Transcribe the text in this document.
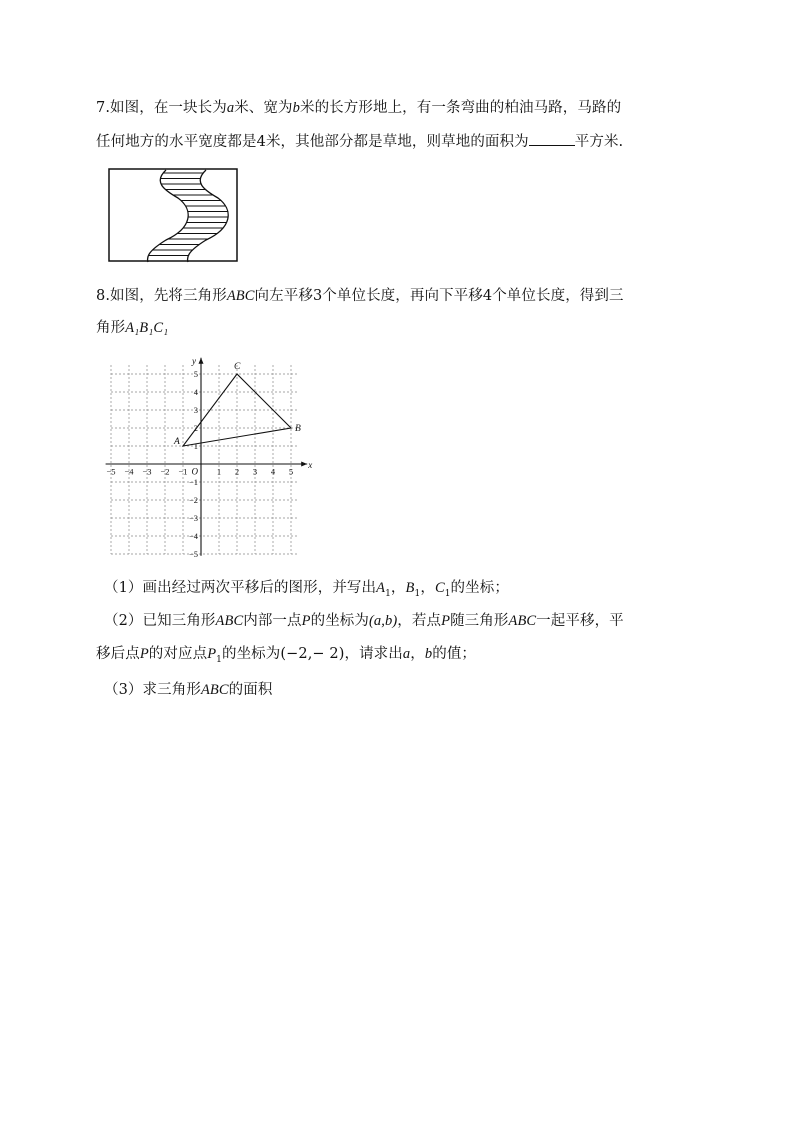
7.如图，在一块长为a米、宽为b米的长方形地上，有一条弯曲的柏油马路，马路的
任何地方的水平宽度都是4米，其他部分都是草地，则草地的面积为	平方米.
8.如图，先将三角形ABC向左平移3个单位长度，再向下平移4个单位长度，得到三
角形A₁B₁C₁
−5 −4 −3 −2 −1	1 2 3 4 5
5
4
3
2
1
−1
−2
−3
−4
−5
O
x
y
A
B
C
（1）画出经过两次平移后的图形，并写出$A_1$，$B_1$，$C_1$的坐标；
（2）已知三角形ABC内部一点P的坐标为(a,b)，若点P随三角形ABC一起平移，平
移后点P的对应点$P_1$的坐标为(−2,− 2)，请求出a，b的值；
（3）求三角形ABC的面积
